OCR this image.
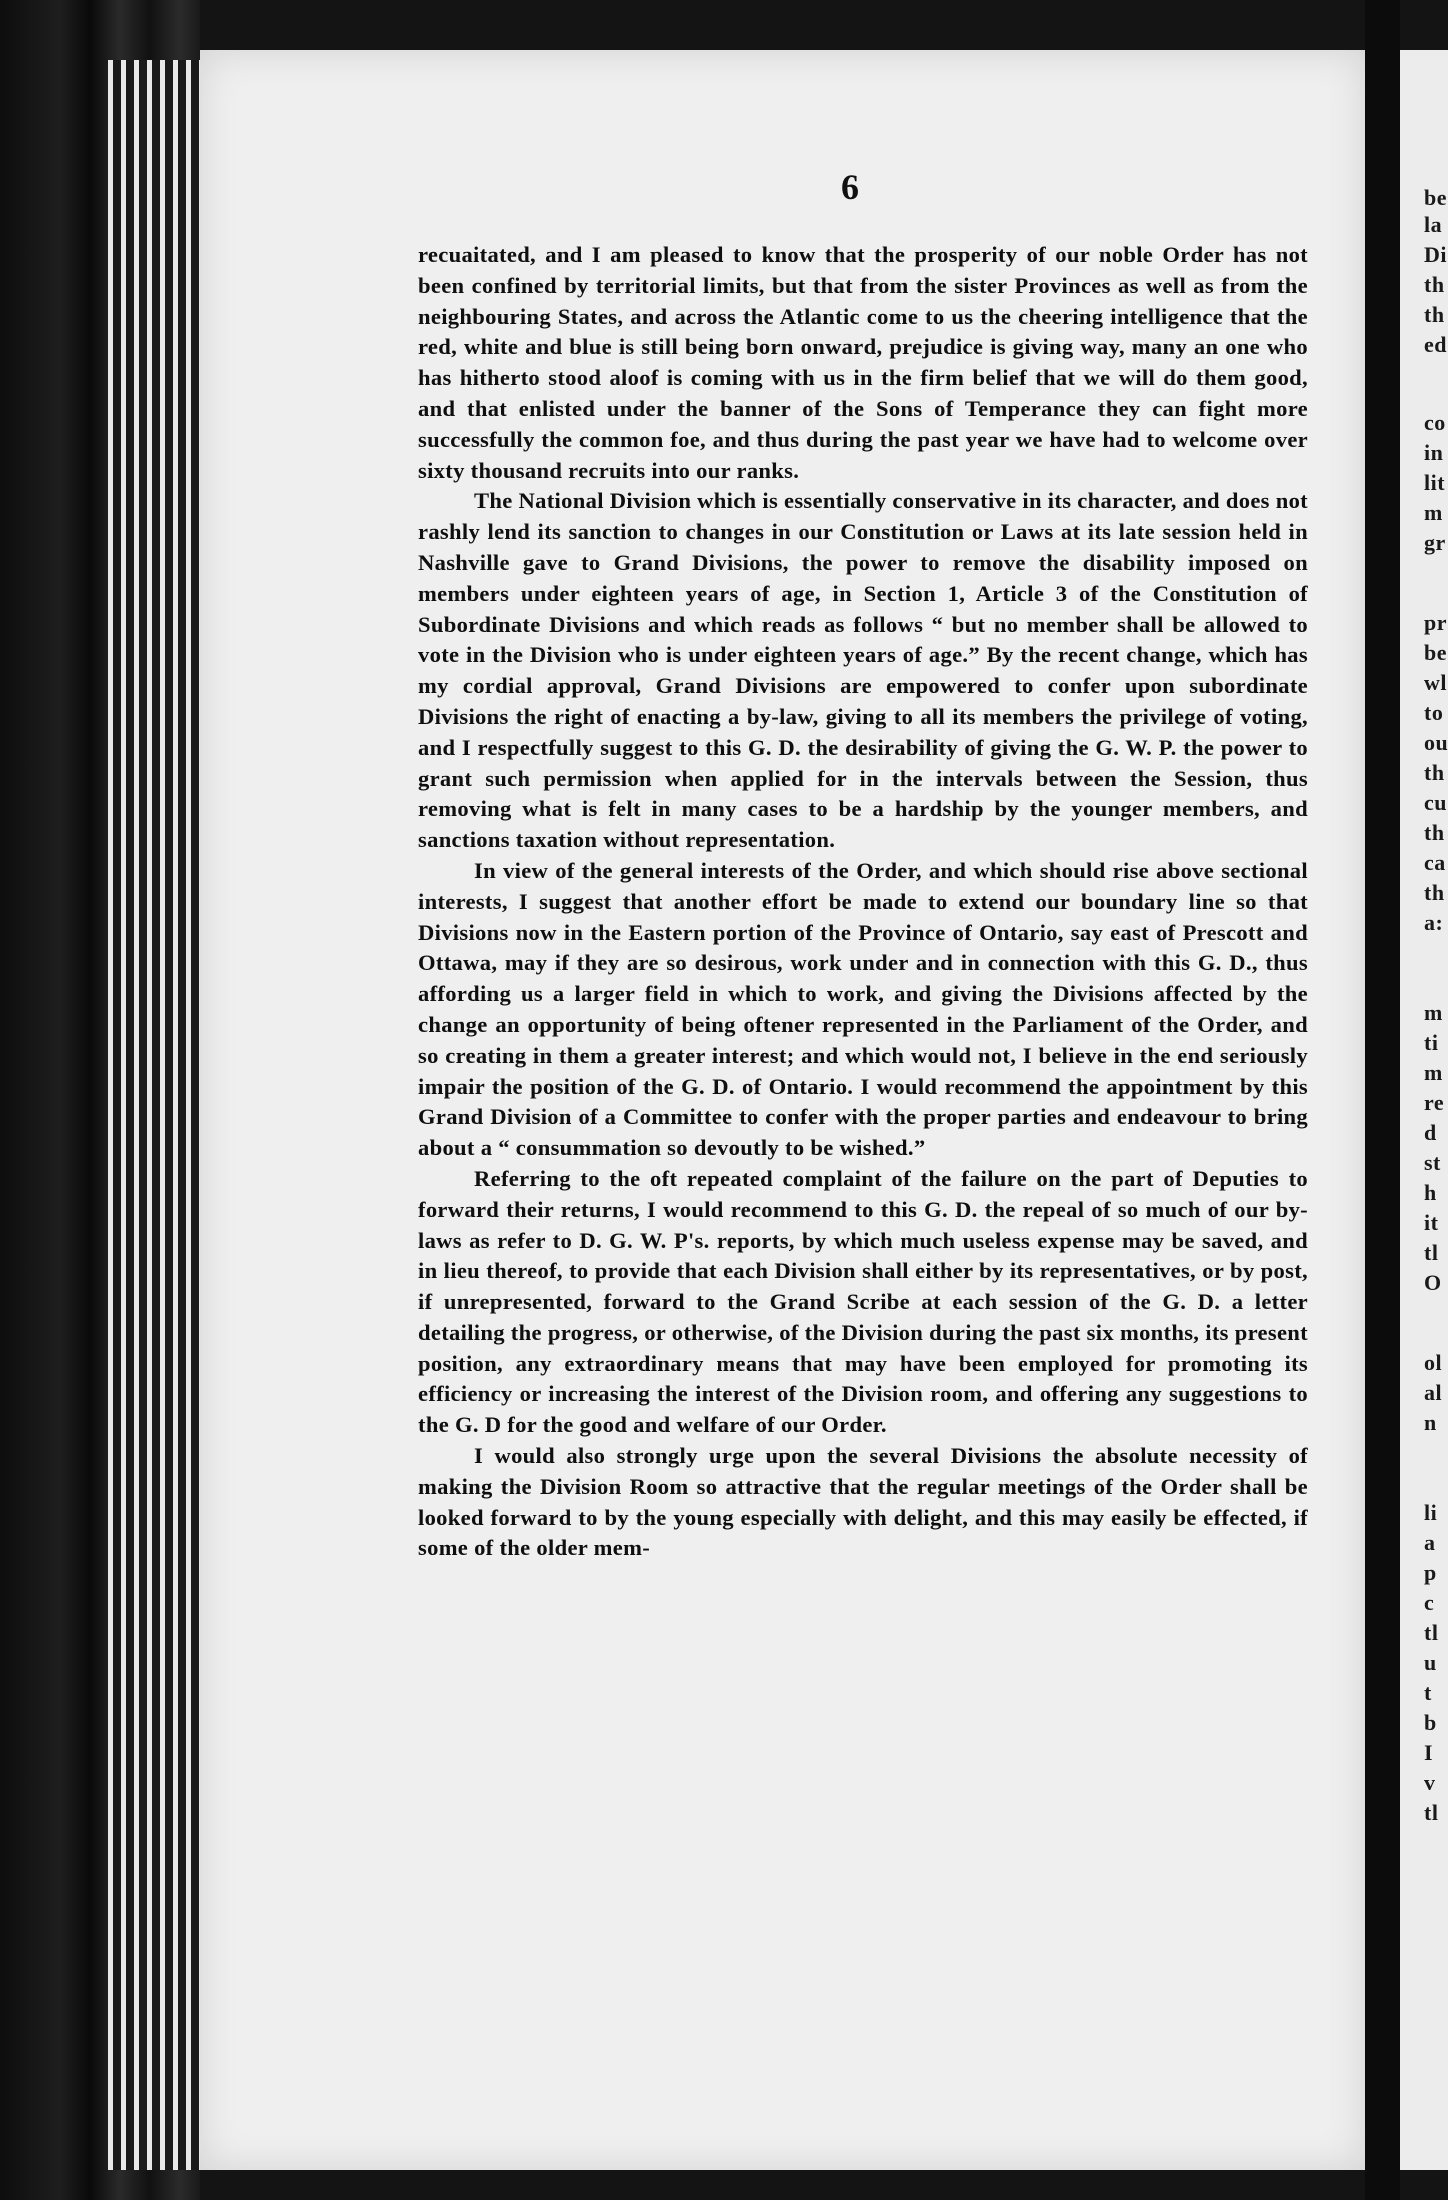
6

recuaitated, and I am pleased to know that the prosperity of our noble Order has not been confined by territorial limits, but that from the sister Provinces as well as from the neighbouring States, and across the Atlantic come to us the cheering intelligence that the red, white and blue is still being born onward, prejudice is giving way, many an one who has hitherto stood aloof is coming with us in the firm belief that we will do them good, and that enlisted under the banner of the Sons of Temperance they can fight more successfully the common foe, and thus during the past year we have had to welcome over sixty thousand recruits into our ranks.

The National Division which is essentially conservative in its character, and does not rashly lend its sanction to changes in our Constitution or Laws at its late session held in Nashville gave to Grand Divisions, the power to remove the disability imposed on members under eighteen years of age, in Section 1, Article 3 of the Constitution of Subordinate Divisions and which reads as follows “ but no member shall be allowed to vote in the Division who is under eighteen years of age.” By the recent change, which has my cordial approval, Grand Divisions are empowered to confer upon subordinate Divisions the right of enacting a by-law, giving to all its members the privilege of voting, and I respectfully suggest to this G. D. the desirability of giving the G. W. P. the power to grant such permission when applied for in the intervals between the Session, thus removing what is felt in many cases to be a hardship by the younger members, and sanctions taxation without representation.

In view of the general interests of the Order, and which should rise above sectional interests, I suggest that another effort be made to extend our boundary line so that Divisions now in the Eastern portion of the Province of Ontario, say east of Prescott and Ottawa, may if they are so desirous, work under and in connection with this G. D., thus affording us a larger field in which to work, and giving the Divisions affected by the change an opportunity of being oftener represented in the Parliament of the Order, and so creating in them a greater interest; and which would not, I believe in the end seriously impair the position of the G. D. of Ontario. I would recommend the appointment by this Grand Division of a Committee to confer with the proper parties and endeavour to bring about a “ consummation so devoutly to be wished.”

Referring to the oft repeated complaint of the failure on the part of Deputies to forward their returns, I would recommend to this G. D. the repeal of so much of our by-laws as refer to D. G. W. P's. reports, by which much useless expense may be saved, and in lieu thereof, to provide that each Division shall either by its representatives, or by post, if unrepresented, forward to the Grand Scribe at each session of the G. D. a letter detailing the progress, or otherwise, of the Division during the past six months, its present position, any extraordinary means that may have been employed for promoting its efficiency or increasing the interest of the Division room, and offering any suggestions to the G. D for the good and welfare of our Order.

I would also strongly urge upon the several Divisions the absolute necessity of making the Division Room so attractive that the regular meetings of the Order shall be looked forward to by the young especially with delight, and this may easily be effected, if some of the older mem-

be
la
Di
th
th
ed
co
in
lit
m
gr
pr
be
wl
to
ou
th
cu
th
ca
th
a:
m
ti
m
re
d
st
h
it
tl
O
ol
al
n
li
a
p
c
tl
u
t
b
I
v
tl
